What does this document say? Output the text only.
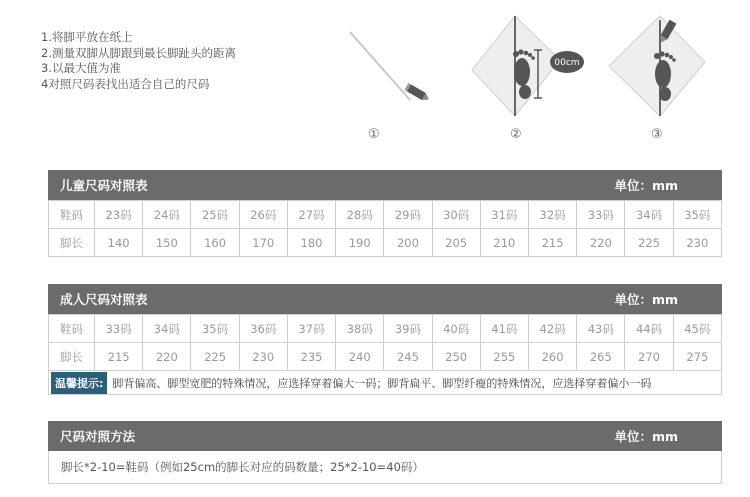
1.将脚平放在纸上
2.测量双脚从脚跟到最长脚趾头的距离
3.以最大值为准
4对照尺码表找出适合自己的尺码
①
00cm
②	③
儿童尺码对照表	单位：mm
鞋码	23码	24码	25码	26码	27码	28码	29码	30码	31码	32码	33码	34码	35码
脚长	140	150	160	170	180	190	200	205	210	215	220	225	230
成人尺码对照表	单位：mm
鞋码	33码	34码	35码	36码	37码	38码	39码	40码	41码	42码	43码	44码	45码
脚长	215	220	225	230	235	240	245	250	255	260	265	270	275
温馨提示: 脚背偏高、脚型宽肥的特殊情况，应选择穿着偏大一码；脚背扁平、脚型纤瘦的特殊情况，应选择穿着偏小一码
尺码对照方法	单位：mm
脚长*2-10=鞋码（例如25cm的脚长对应的码数量；25*2-10=40码）
